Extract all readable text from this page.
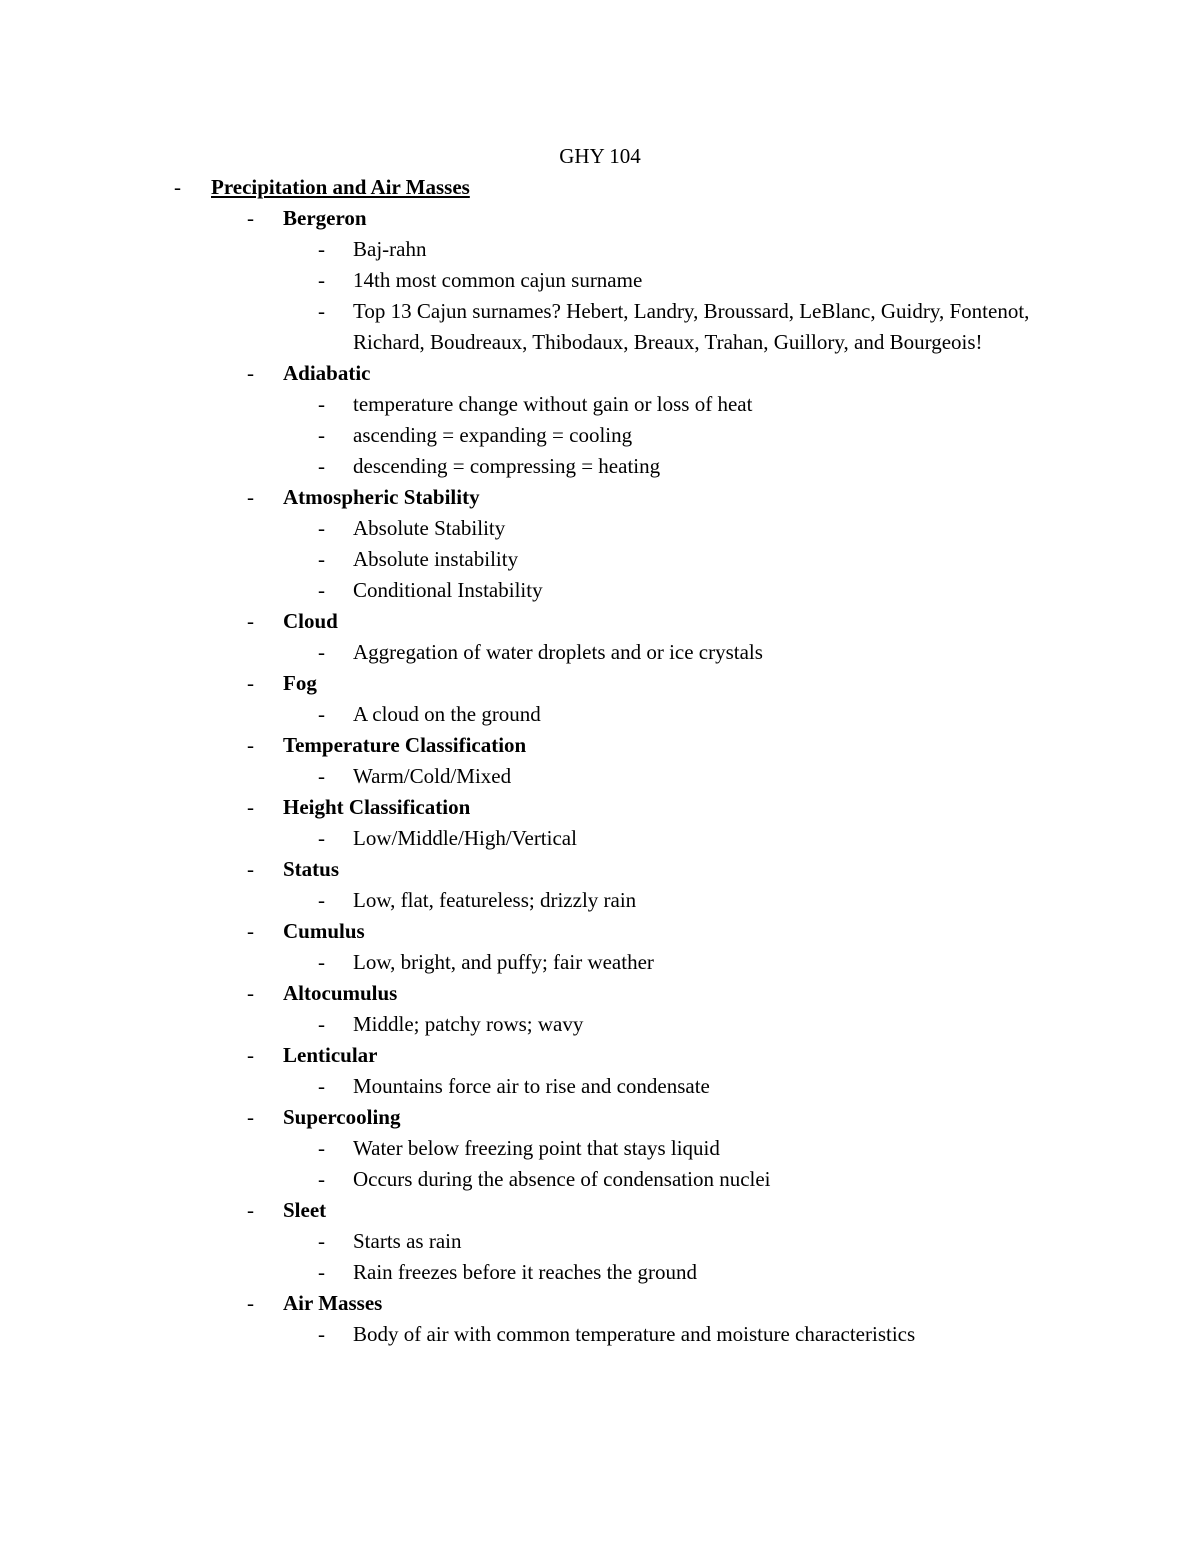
GHY 104
- Precipitation and Air Masses
- Bergeron
- Baj-rahn
- 14th most common cajun surname
- Top 13 Cajun surnames? Hebert, Landry, Broussard, LeBlanc, Guidry, Fontenot, Richard, Boudreaux, Thibodaux, Breaux, Trahan, Guillory, and Bourgeois!
- Adiabatic
- temperature change without gain or loss of heat
- ascending = expanding = cooling
- descending = compressing = heating
- Atmospheric Stability
- Absolute Stability
- Absolute instability
- Conditional Instability
- Cloud
- Aggregation of water droplets and or ice crystals
- Fog
- A cloud on the ground
- Temperature Classification
- Warm/Cold/Mixed
- Height Classification
- Low/Middle/High/Vertical
- Status
- Low, flat, featureless; drizzly rain
- Cumulus
- Low, bright, and puffy; fair weather
- Altocumulus
- Middle; patchy rows; wavy
- Lenticular
- Mountains force air to rise and condensate
- Supercooling
- Water below freezing point that stays liquid
- Occurs during the absence of condensation nuclei
- Sleet
- Starts as rain
- Rain freezes before it reaches the ground
- Air Masses
- Body of air with common temperature and moisture characteristics
